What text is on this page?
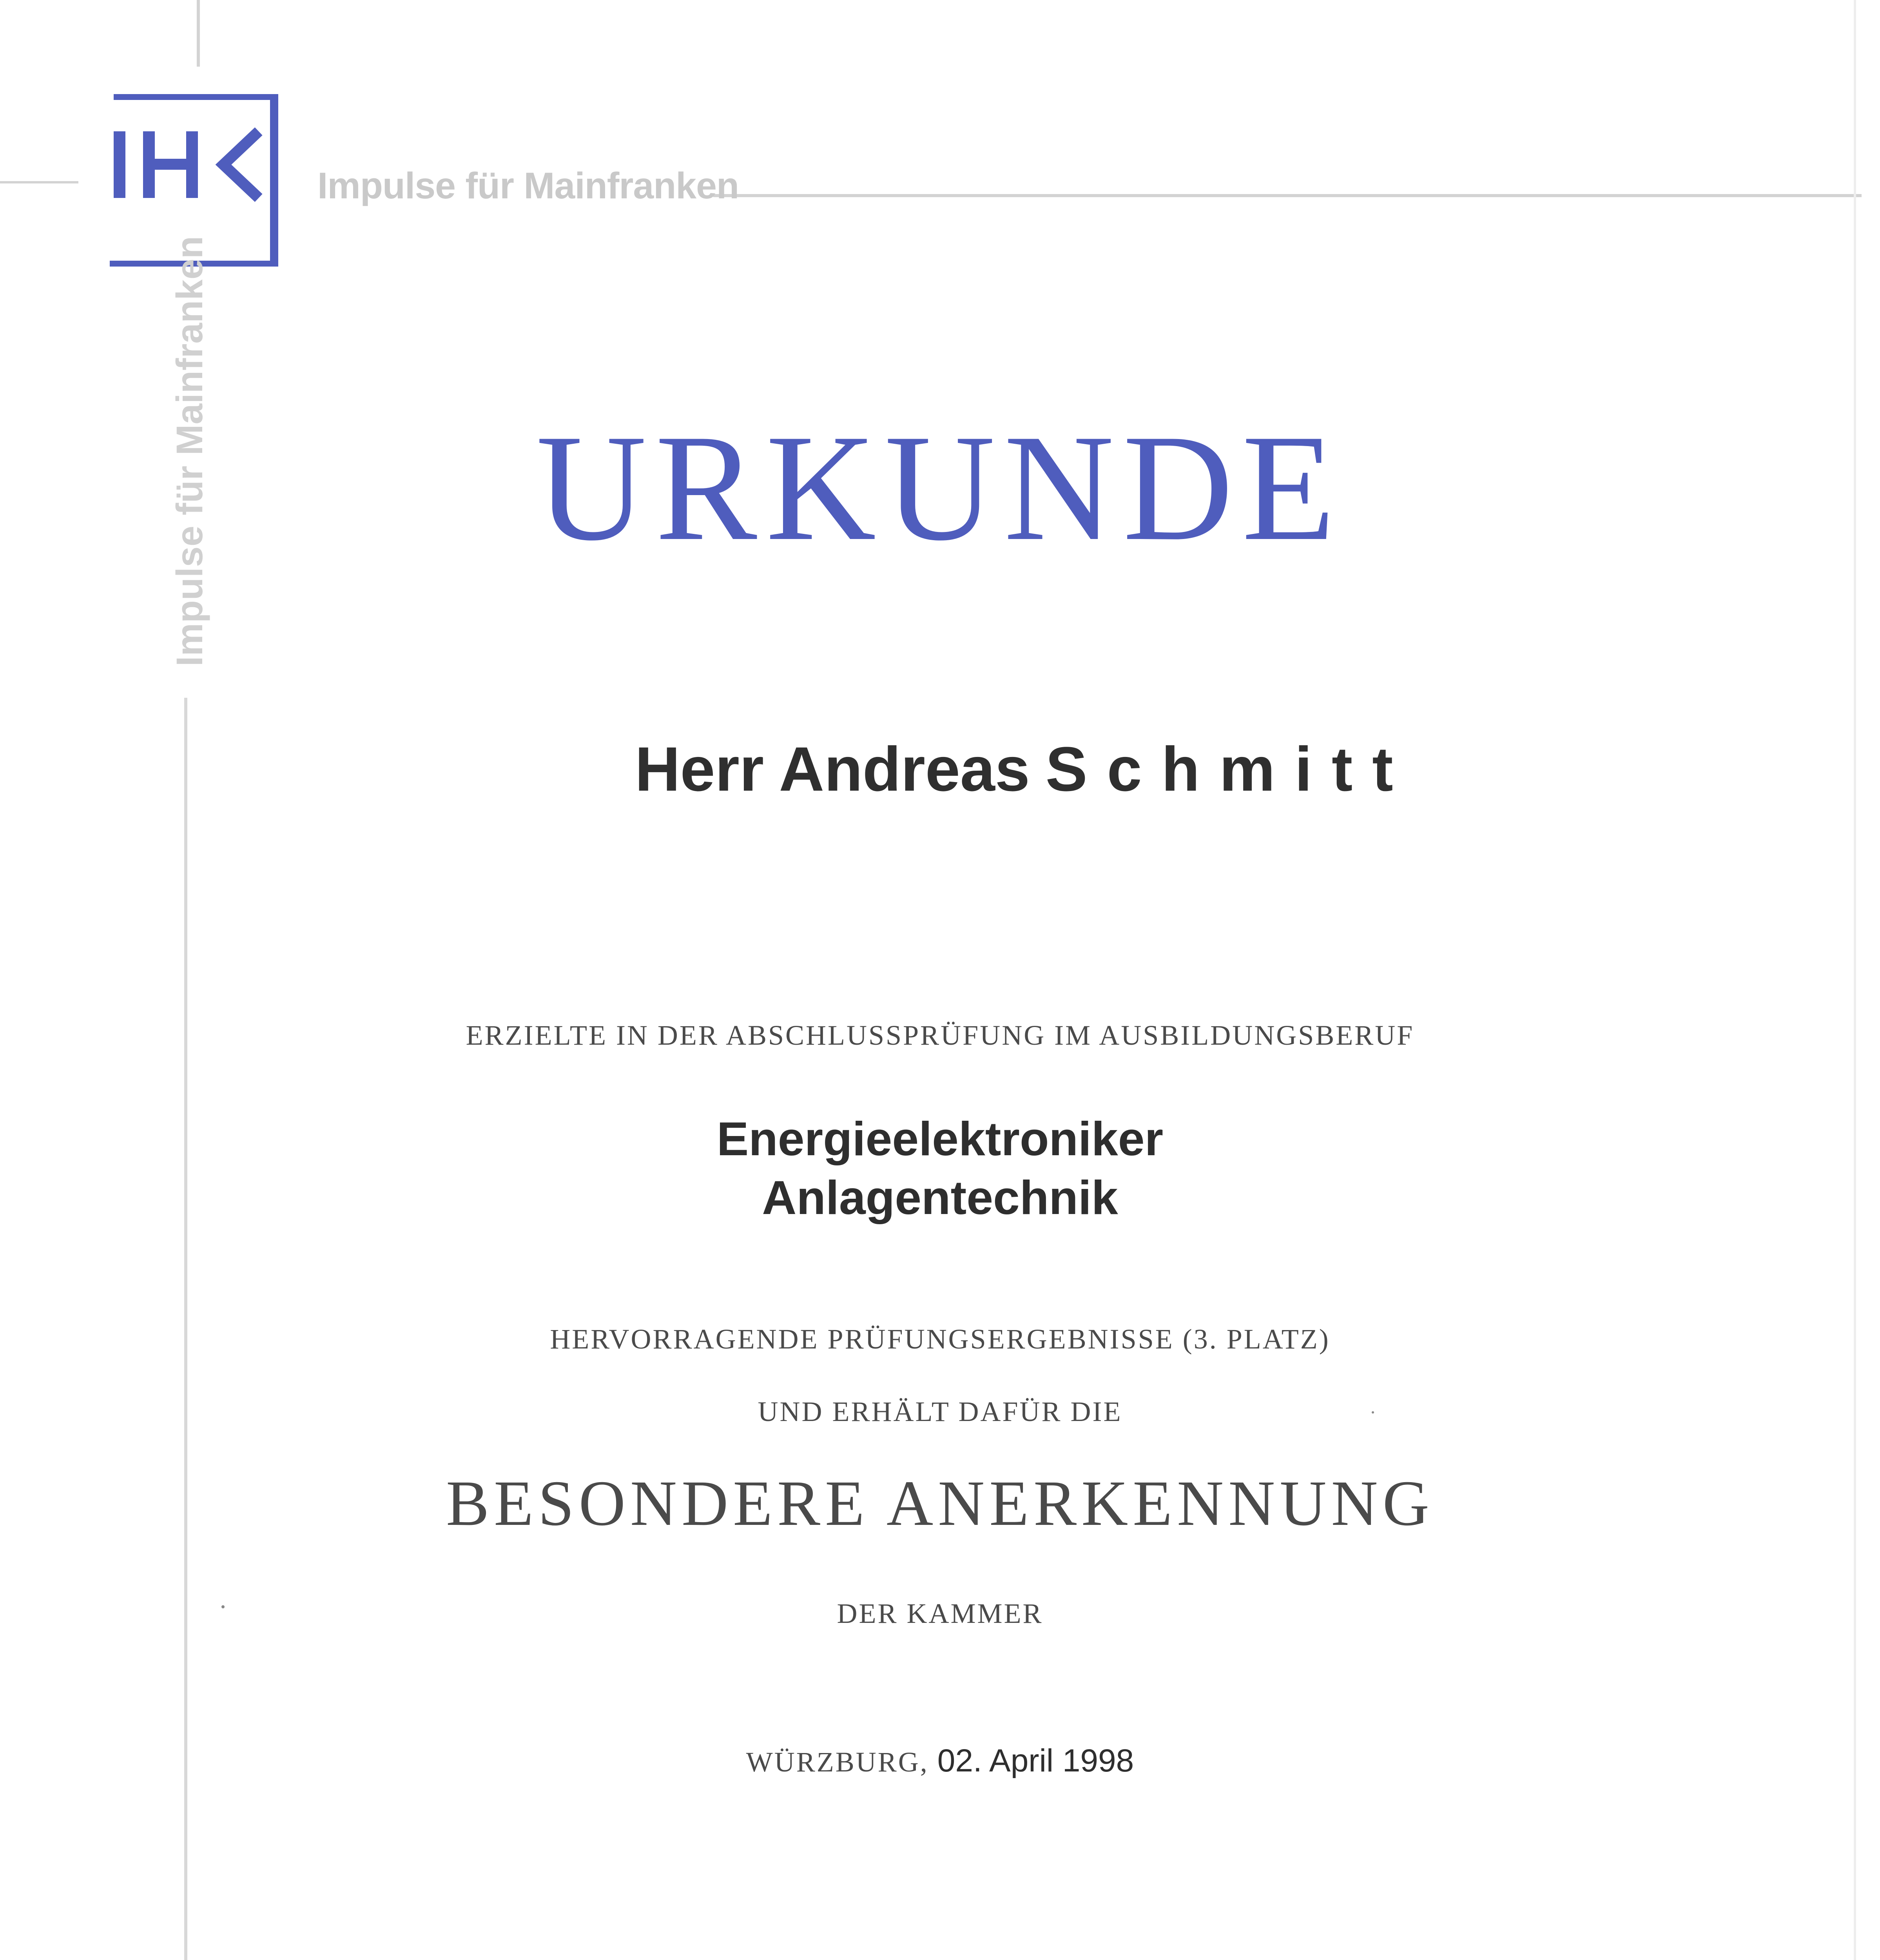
Impulse für Mainfranken
Impulse für Mainfranken	URKUNDE
Herr Andreas Schmitt
ERZIELTE IN DER ABSCHLUSSPRÜFUNG IM AUSBILDUNGSBERUF
Energieelektroniker
Anlagentechnik
HERVORRAGENDE PRÜFUNGSERGEBNISSE (3. PLATZ)
UND ERHÄLT DAFÜR DIE
BESONDERE ANERKENNUNG
DER KAMMER
WÜRZBURG, 02. April 1998
